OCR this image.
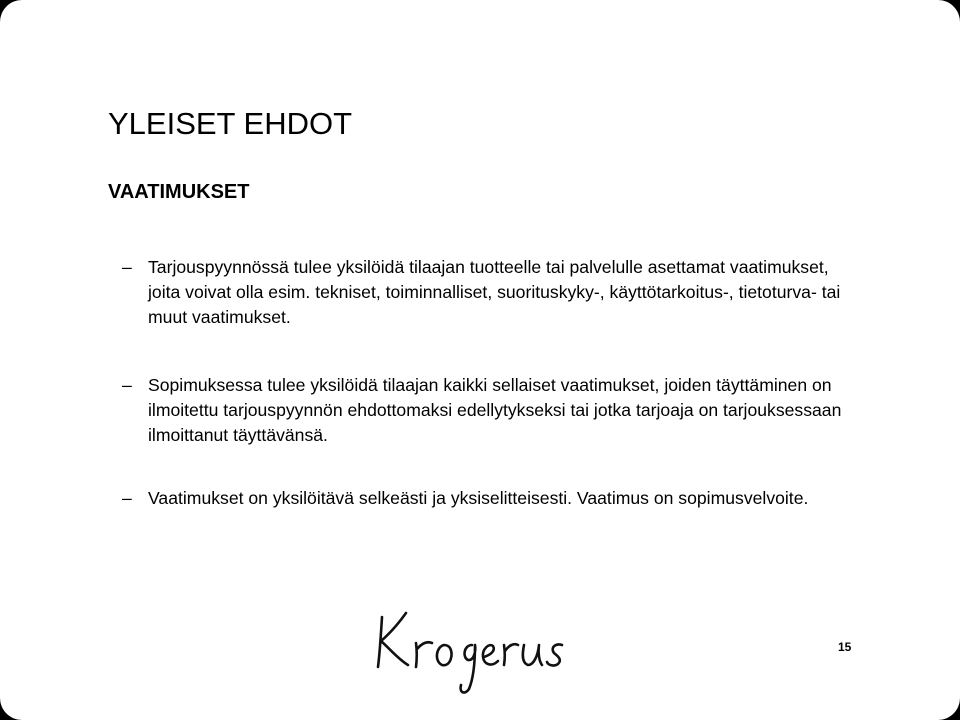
YLEISET EHDOT
VAATIMUKSET
– Tarjouspyynnössä tulee yksilöidä tilaajan tuotteelle tai palvelulle asettamat vaatimukset, joita voivat olla esim. tekniset, toiminnalliset, suorituskyky-, käyttötarkoitus-, tietoturva- tai muut vaatimukset.
– Sopimuksessa tulee yksilöidä tilaajan kaikki sellaiset vaatimukset, joiden täyttäminen on ilmoitettu tarjouspyynnön ehdottomaksi edellytykseksi tai jotka tarjoaja on tarjouksessaan ilmoittanut täyttävänsä.
– Vaatimukset on yksilöitävä selkeästi ja yksiselitteisesti. Vaatimus on sopimusvelvoite.
15
